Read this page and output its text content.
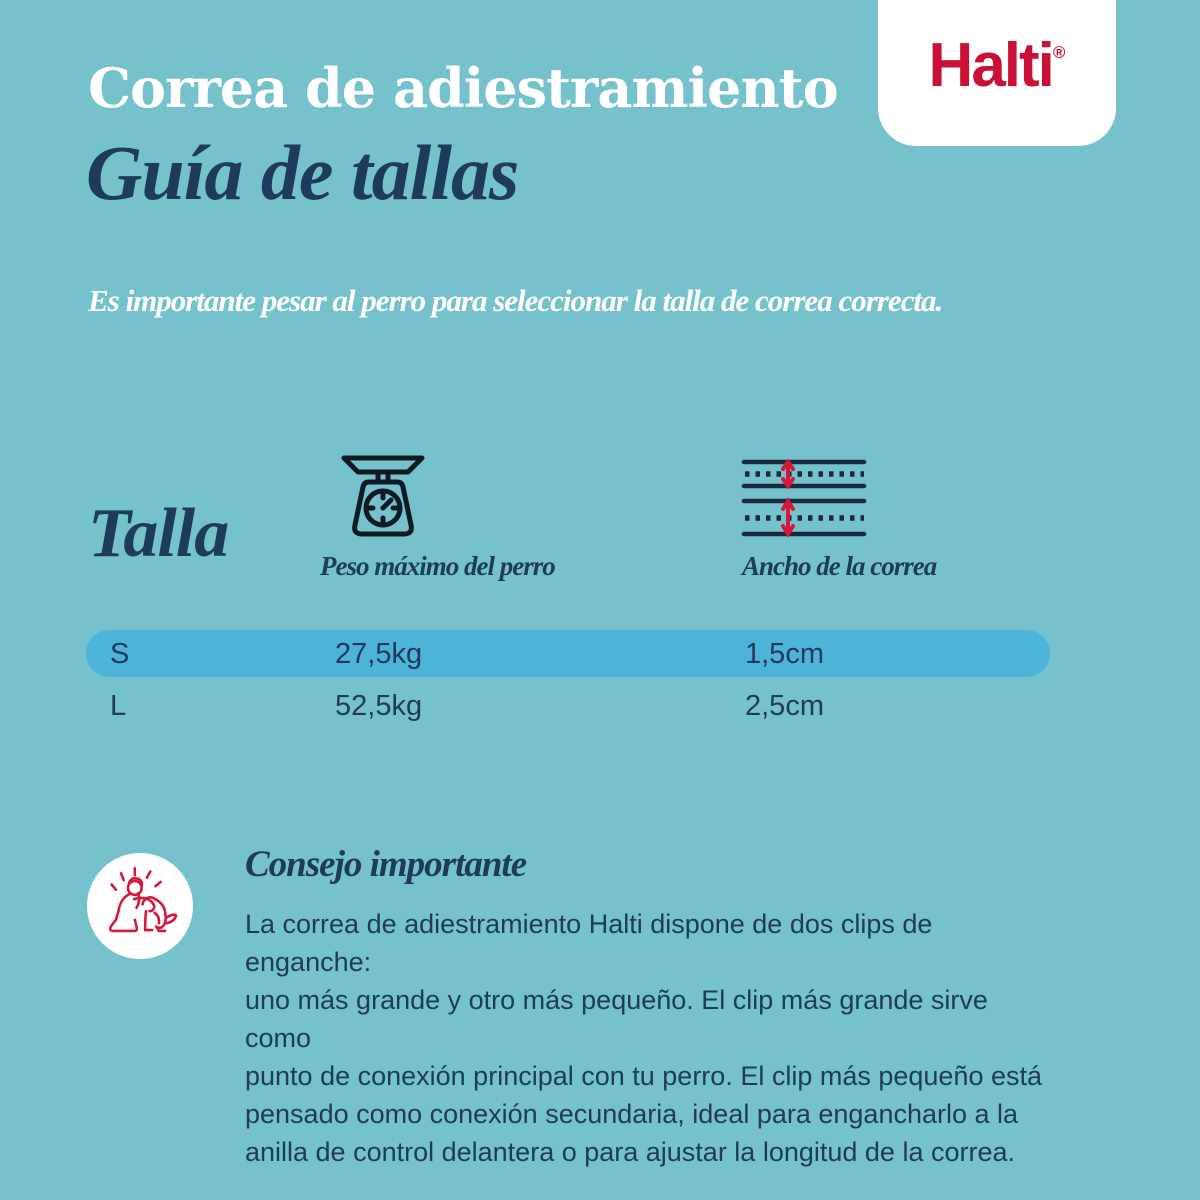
Halti®
Correa de adiestramiento
Guía de tallas
Es importante pesar al perro para seleccionar la talla de correa correcta.
Talla	Peso máximo del perro	Ancho de la correa
S	27,5kg	1,5cm
L	52,5kg	2,5cm
Consejo importante
La correa de adiestramiento Halti dispone de dos clips de enganche:
uno más grande y otro más pequeño. El clip más grande sirve como
punto de conexión principal con tu perro. El clip más pequeño está
pensado como conexión secundaria, ideal para engancharlo a la
anilla de control delantera o para ajustar la longitud de la correa.
